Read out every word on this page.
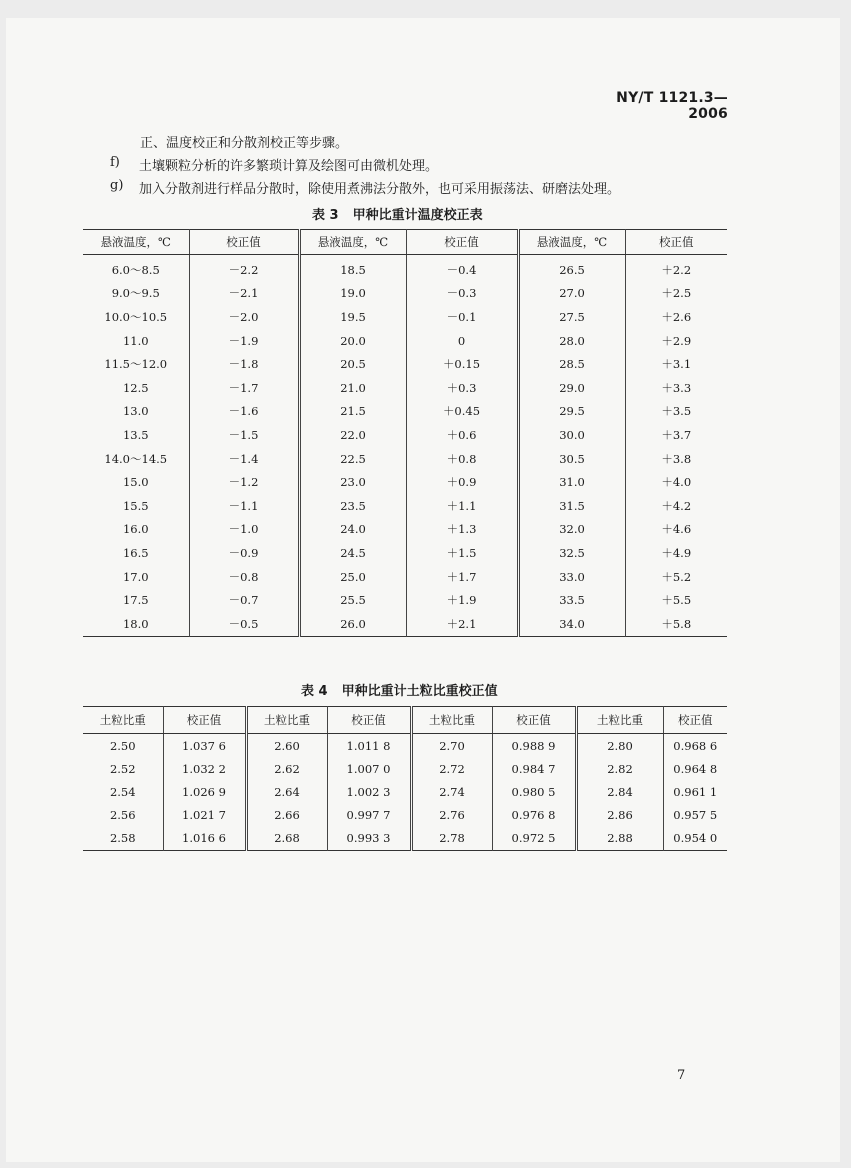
NY/T 1121.3—2006
正、温度校正和分散剂校正等步骤。
f) 土壤颗粒分析的许多繁琐计算及绘图可由微机处理。
g) 加入分散剂进行样品分散时，除使用煮沸法分散外，也可采用振荡法、研磨法处理。
表 3 甲种比重计温度校正表
悬液温度，℃	校正值	悬液温度，℃	校正值	悬液温度，℃	校正值
6.0～8.5	－2.2	18.5	－0.4	26.5	＋2.2
9.0～9.5	－2.1	19.0	－0.3	27.0	＋2.5
10.0～10.5	－2.0	19.5	－0.1	27.5	＋2.6
11.0	－1.9	20.0	0	28.0	＋2.9
11.5～12.0	－1.8	20.5	＋0.15	28.5	＋3.1
12.5	－1.7	21.0	＋0.3	29.0	＋3.3
13.0	－1.6	21.5	＋0.45	29.5	＋3.5
13.5	－1.5	22.0	＋0.6	30.0	＋3.7
14.0～14.5	－1.4	22.5	＋0.8	30.5	＋3.8
15.0	－1.2	23.0	＋0.9	31.0	＋4.0
15.5	－1.1	23.5	＋1.1	31.5	＋4.2
16.0	－1.0	24.0	＋1.3	32.0	＋4.6
16.5	－0.9	24.5	＋1.5	32.5	＋4.9
17.0	－0.8	25.0	＋1.7	33.0	＋5.2
17.5	－0.7	25.5	＋1.9	33.5	＋5.5
18.0	－0.5	26.0	＋2.1	34.0	＋5.8
表 4 甲种比重计土粒比重校正值
土粒比重	校正值	土粒比重	校正值	土粒比重	校正值	土粒比重	校正值
2.50	1.037 6	2.60	1.011 8	2.70	0.988 9	2.80	0.968 6
2.52	1.032 2	2.62	1.007 0	2.72	0.984 7	2.82	0.964 8
2.54	1.026 9	2.64	1.002 3	2.74	0.980 5	2.84	0.961 1
2.56	1.021 7	2.66	0.997 7	2.76	0.976 8	2.86	0.957 5
2.58	1.016 6	2.68	0.993 3	2.78	0.972 5	2.88	0.954 0
7
